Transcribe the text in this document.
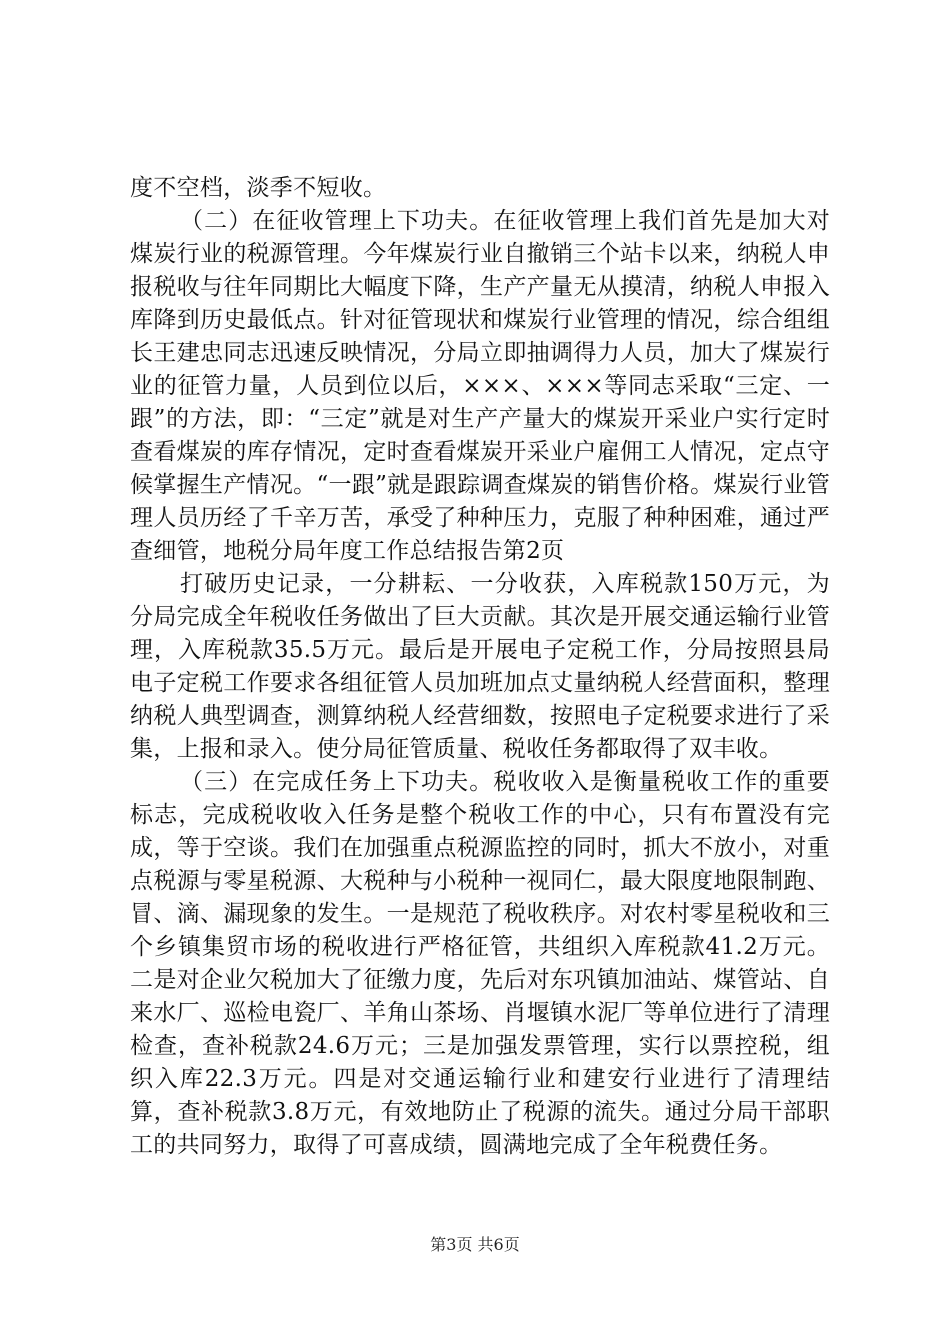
度不空档，淡季不短收。

（二）在征收管理上下功夫。在征收管理上我们首先是加大对煤炭行业的税源管理。今年煤炭行业自撤销三个站卡以来，纳税人申报税收与往年同期比大幅度下降，生产产量无从摸清，纳税人申报入库降到历史最低点。针对征管现状和煤炭行业管理的情况，综合组组长王建忠同志迅速反映情况，分局立即抽调得力人员，加大了煤炭行业的征管力量，人员到位以后，×××、×××等同志采取“三定、一跟”的方法，即：“三定”就是对生产产量大的煤炭开采业户实行定时查看煤炭的库存情况，定时查看煤炭开采业户雇佣工人情况，定点守候掌握生产情况。“一跟”就是跟踪调查煤炭的销售价格。煤炭行业管理人员历经了千辛万苦，承受了种种压力，克服了种种困难，通过严查细管，地税分局年度工作总结报告第2页

打破历史记录，一分耕耘、一分收获，入库税款150万元，为分局完成全年税收任务做出了巨大贡献。其次是开展交通运输行业管理，入库税款35.5万元。最后是开展电子定税工作，分局按照县局电子定税工作要求各组征管人员加班加点丈量纳税人经营面积，整理纳税人典型调查，测算纳税人经营细数，按照电子定税要求进行了采集，上报和录入。使分局征管质量、税收任务都取得了双丰收。

（三）在完成任务上下功夫。税收收入是衡量税收工作的重要标志，完成税收收入任务是整个税收工作的中心，只有布置没有完成，等于空谈。我们在加强重点税源监控的同时，抓大不放小，对重点税源与零星税源、大税种与小税种一视同仁，最大限度地限制跑、冒、滴、漏现象的发生。一是规范了税收秩序。对农村零星税收和三个乡镇集贸市场的税收进行严格征管，共组织入库税款41.2万元。二是对企业欠税加大了征缴力度，先后对东巩镇加油站、煤管站、自来水厂、巡检电瓷厂、羊角山茶场、肖堰镇水泥厂等单位进行了清理检查，查补税款24.6万元；三是加强发票管理，实行以票控税，组织入库22.3万元。四是对交通运输行业和建安行业进行了清理结算，查补税款3.8万元，有效地防止了税源的流失。通过分局干部职工的共同努力，取得了可喜成绩，圆满地完成了全年税费任务。

第3页 共6页
